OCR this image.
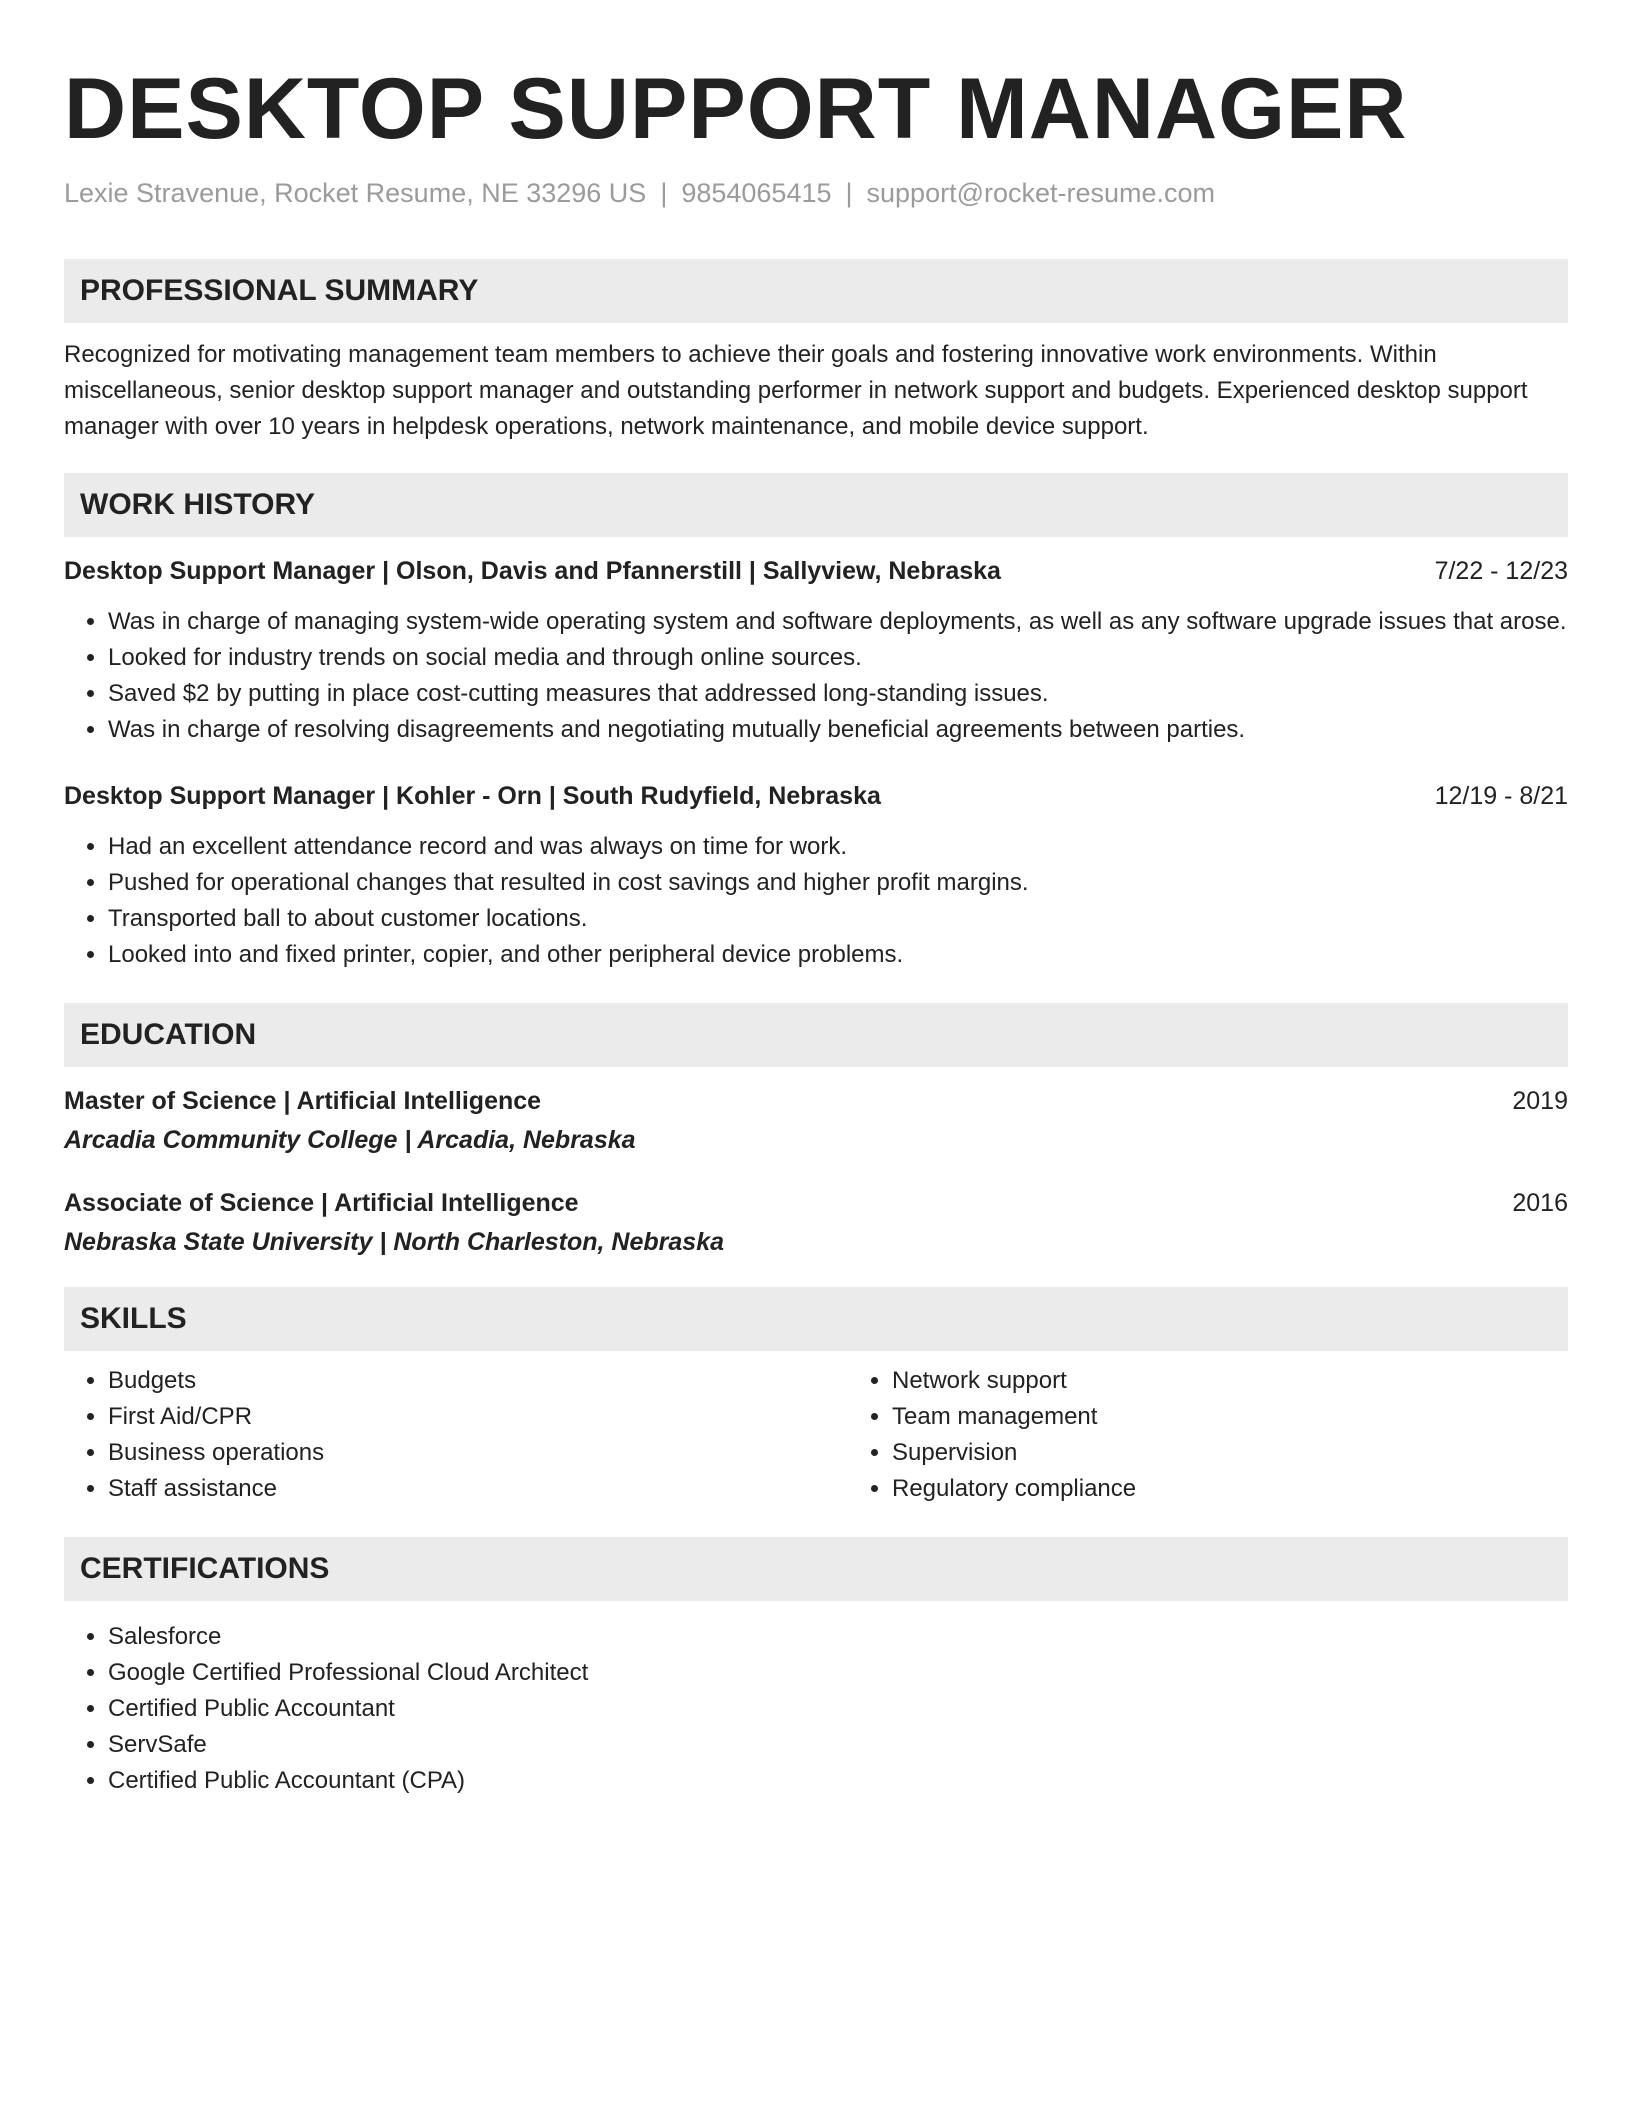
DESKTOP SUPPORT MANAGER
Lexie Stravenue, Rocket Resume, NE 33296 US | 9854065415 | support@rocket-resume.com
PROFESSIONAL SUMMARY
Recognized for motivating management team members to achieve their goals and fostering innovative work environments. Within miscellaneous, senior desktop support manager and outstanding performer in network support and budgets. Experienced desktop support manager with over 10 years in helpdesk operations, network maintenance, and mobile device support.
WORK HISTORY
Desktop Support Manager | Olson, Davis and Pfannerstill | Sallyview, Nebraska	7/22 - 12/23
• Was in charge of managing system-wide operating system and software deployments, as well as any software upgrade issues that arose.
• Looked for industry trends on social media and through online sources.
• Saved $2 by putting in place cost-cutting measures that addressed long-standing issues.
• Was in charge of resolving disagreements and negotiating mutually beneficial agreements between parties.
Desktop Support Manager | Kohler - Orn | South Rudyfield, Nebraska	12/19 - 8/21
• Had an excellent attendance record and was always on time for work.
• Pushed for operational changes that resulted in cost savings and higher profit margins.
• Transported ball to about customer locations.
• Looked into and fixed printer, copier, and other peripheral device problems.
EDUCATION
Master of Science | Artificial Intelligence	2019
Arcadia Community College | Arcadia, Nebraska
Associate of Science | Artificial Intelligence	2016
Nebraska State University | North Charleston, Nebraska
SKILLS
• Budgets
• First Aid/CPR
• Business operations
• Staff assistance
• Network support
• Team management
• Supervision
• Regulatory compliance
CERTIFICATIONS
• Salesforce
• Google Certified Professional Cloud Architect
• Certified Public Accountant
• ServSafe
• Certified Public Accountant (CPA)
